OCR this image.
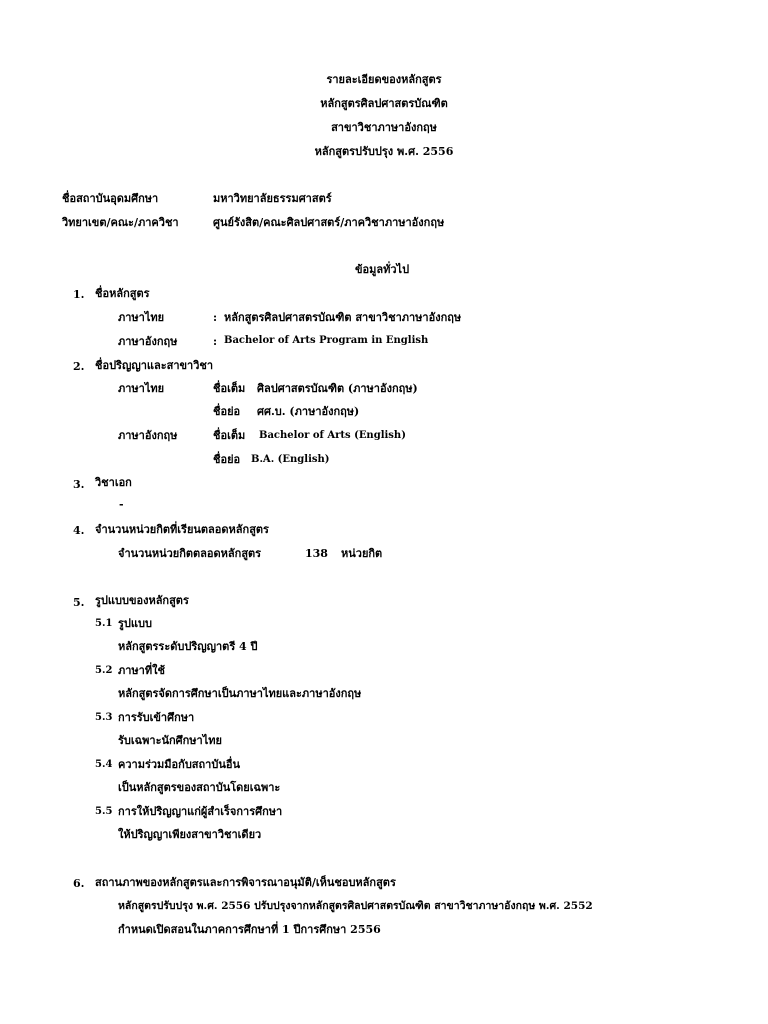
รายละเอียดของหลักสูตร
หลักสูตรศิลปศาสตรบัณฑิต
สาขาวิชาภาษาอังกฤษ
หลักสูตรปรับปรุง พ.ศ. 2556
ชื่อสถาบันอุดมศึกษา	มหาวิทยาลัยธรรมศาสตร์
วิทยาเขต/คณะ/ภาควิชา	ศูนย์รังสิต/คณะศิลปศาสตร์/ภาควิชาภาษาอังกฤษ
ข้อมูลทั่วไป
1. ชื่อหลักสูตร
ภาษาไทย	: หลักสูตรศิลปศาสตรบัณฑิต สาขาวิชาภาษาอังกฤษ
ภาษาอังกฤษ	: Bachelor of Arts Program in English
2. ชื่อปริญญาและสาขาวิชา
ภาษาไทย	ชื่อเต็ม ศิลปศาสตรบัณฑิต (ภาษาอังกฤษ)
ชื่อย่อ ศศ.บ. (ภาษาอังกฤษ)
ภาษาอังกฤษ	ชื่อเต็ม Bachelor of Arts (English)
ชื่อย่อ B.A. (English)
3. วิชาเอก
-
4. จำนวนหน่วยกิตที่เรียนตลอดหลักสูตร
จำนวนหน่วยกิตตลอดหลักสูตร	138 หน่วยกิต
5. รูปแบบของหลักสูตร
5.1 รูปแบบ
หลักสูตรระดับปริญญาตรี 4 ปี
5.2 ภาษาที่ใช้
หลักสูตรจัดการศึกษาเป็นภาษาไทยและภาษาอังกฤษ
5.3 การรับเข้าศึกษา
รับเฉพาะนักศึกษาไทย
5.4 ความร่วมมือกับสถาบันอื่น
เป็นหลักสูตรของสถาบันโดยเฉพาะ
5.5 การให้ปริญญาแก่ผู้สำเร็จการศึกษา
ให้ปริญญาเพียงสาขาวิชาเดียว
6. สถานภาพของหลักสูตรและการพิจารณาอนุมัติ/เห็นชอบหลักสูตร
หลักสูตรปรับปรุง พ.ศ. 2556 ปรับปรุงจากหลักสูตรศิลปศาสตรบัณฑิต สาขาวิชาภาษาอังกฤษ พ.ศ. 2552
กำหนดเปิดสอนในภาคการศึกษาที่ 1 ปีการศึกษา 2556
